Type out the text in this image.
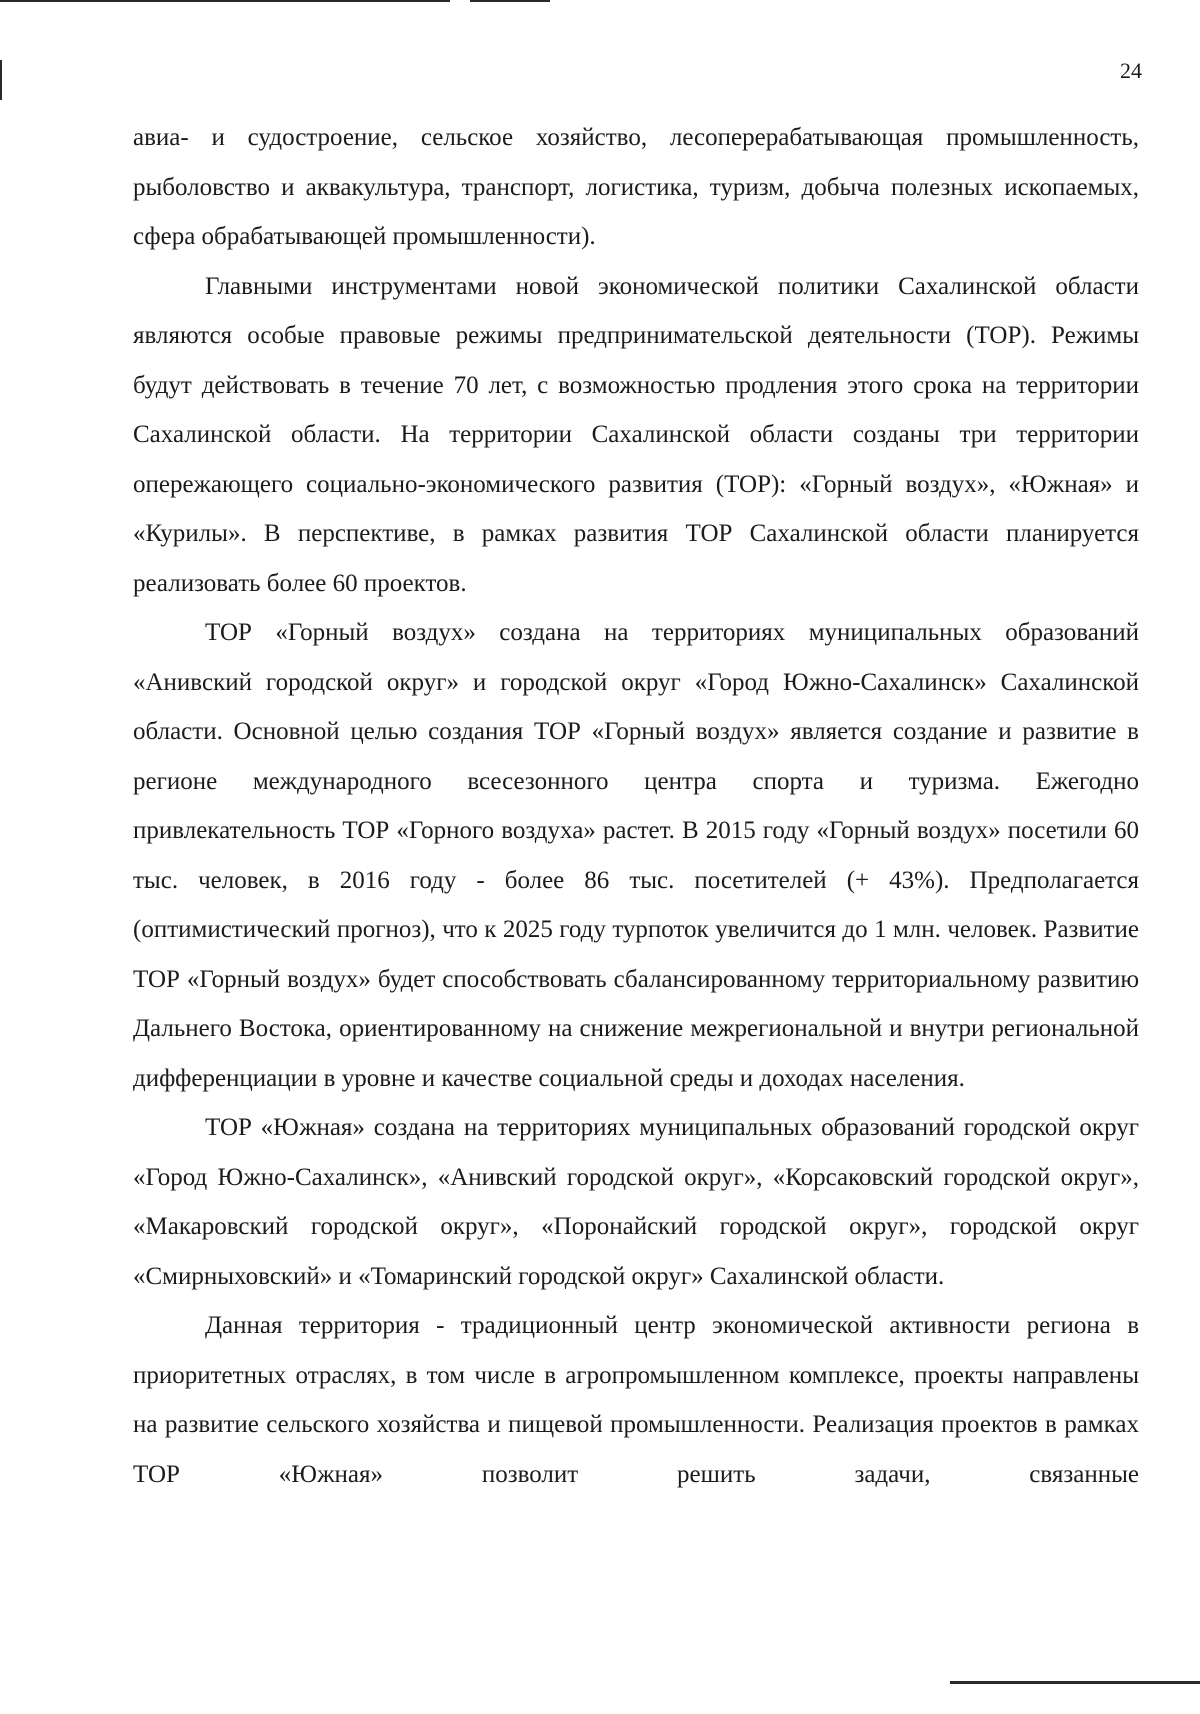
24

авиа- и судостроение, сельское хозяйство, лесоперерабатывающая промышленность, рыболовство и аквакультура, транспорт, логистика, туризм, добыча полезных ископаемых, сфера обрабатывающей промышленности).

Главными инструментами новой экономической политики Сахалинской области являются особые правовые режимы предпринимательской деятельности (ТОР). Режимы будут действовать в течение 70 лет, с возможностью продления этого срока на территории Сахалинской области. На территории Сахалинской области созданы три территории опережающего социально-экономического развития (ТОР): «Горный воздух», «Южная» и «Курилы». В перспективе, в рамках развития ТОР Сахалинской области планируется реализовать более 60 проектов.

ТОР «Горный воздух» создана на территориях муниципальных образований «Анивский городской округ» и городской округ «Город Южно-Сахалинск» Сахалинской области. Основной целью создания ТОР «Горный воздух» является создание и развитие в регионе международного всесезонного центра спорта и туризма. Ежегодно привлекательность ТОР «Горного воздуха» растет. В 2015 году «Горный воздух» посетили 60 тыс. человек, в 2016 году - более 86 тыс. посетителей (+ 43%). Предполагается (оптимистический прогноз), что к 2025 году турпоток увеличится до 1 млн. человек. Развитие ТОР «Горный воздух» будет способствовать сбалансированному территориальному развитию Дальнего Востока, ориентированному на снижение межрегиональной и внутри региональной дифференциации в уровне и качестве социальной среды и доходах населения.

ТОР «Южная» создана на территориях муниципальных образований городской округ «Город Южно-Сахалинск», «Анивский городской округ», «Корсаковский городской округ», «Макаровский городской округ», «Поронайский городской округ», городской округ «Смирныховский» и «Томаринский городской округ» Сахалинской области.

Данная территория - традиционный центр экономической активности региона в приоритетных отраслях, в том числе в агропромышленном комплексе, проекты направлены на развитие сельского хозяйства и пищевой промышленности. Реализация проектов в рамках ТОР «Южная» позволит решить задачи, связанные
